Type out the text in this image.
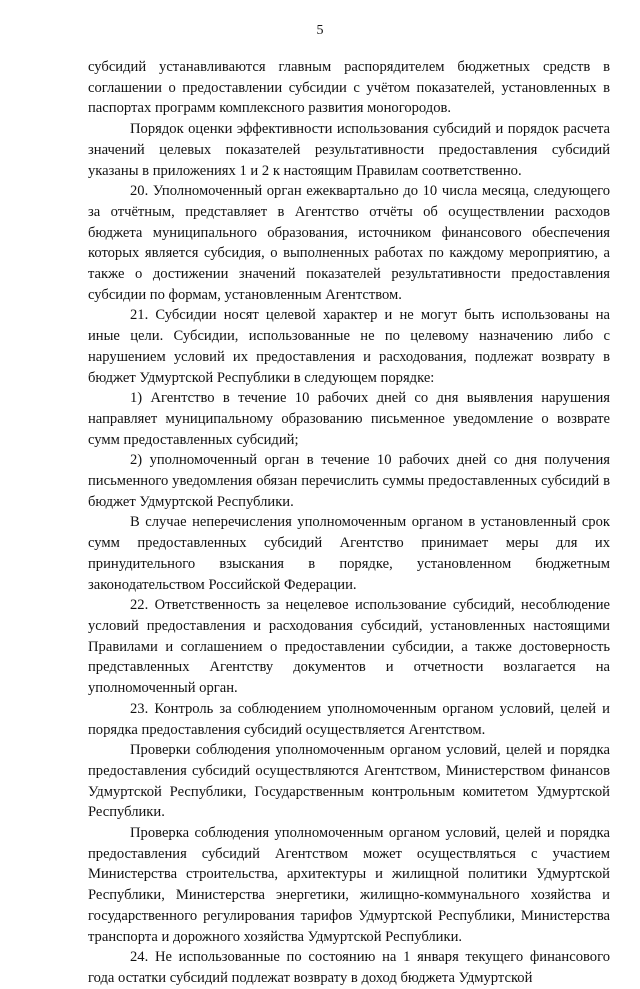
5

субсидий устанавливаются главным распорядителем бюджетных средств в соглашении о предоставлении субсидии с учётом показателей, установленных в паспортах программ комплексного развития моногородов.

Порядок оценки эффективности использования субсидий и порядок расчета значений целевых показателей результативности предоставления субсидий указаны в приложениях 1 и 2 к настоящим Правилам соответственно.

20. Уполномоченный орган ежеквартально до 10 числа месяца, следующего за отчётным, представляет в Агентство отчёты об осуществлении расходов бюджета муниципального образования, источником финансового обеспечения которых является субсидия, о выполненных работах по каждому мероприятию, а также о достижении значений показателей результативности предоставления субсидии по формам, установленным Агентством.

21. Субсидии носят целевой характер и не могут быть использованы на иные цели. Субсидии, использованные не по целевому назначению либо с нарушением условий их предоставления и расходования, подлежат возврату в бюджет Удмуртской Республики в следующем порядке:

1) Агентство в течение 10 рабочих дней со дня выявления нарушения направляет муниципальному образованию письменное уведомление о возврате сумм предоставленных субсидий;

2) уполномоченный орган в течение 10 рабочих дней со дня получения письменного уведомления обязан перечислить суммы предоставленных субсидий в бюджет Удмуртской Республики.

В случае неперечисления уполномоченным органом в установленный срок сумм предоставленных субсидий Агентство принимает меры для их принудительного взыскания в порядке, установленном бюджетным законодательством Российской Федерации.

22. Ответственность за нецелевое использование субсидий, несоблюдение условий предоставления и расходования субсидий, установленных настоящими Правилами и соглашением о предоставлении субсидии, а также достоверность представленных Агентству документов и отчетности возлагается на уполномоченный орган.

23. Контроль за соблюдением уполномоченным органом условий, целей и порядка предоставления субсидий осуществляется Агентством.

Проверки соблюдения уполномоченным органом условий, целей и порядка предоставления субсидий осуществляются Агентством, Министерством финансов Удмуртской Республики, Государственным контрольным комитетом Удмуртской Республики.

Проверка соблюдения уполномоченным органом условий, целей и порядка предоставления субсидий Агентством может осуществляться с участием Министерства строительства, архитектуры и жилищной политики Удмуртской Республики, Министерства энергетики, жилищно-коммунального хозяйства и государственного регулирования тарифов Удмуртской Республики, Министерства транспорта и дорожного хозяйства Удмуртской Республики.

24. Не использованные по состоянию на 1 января текущего финансового года остатки субсидий подлежат возврату в доход бюджета Удмуртской
